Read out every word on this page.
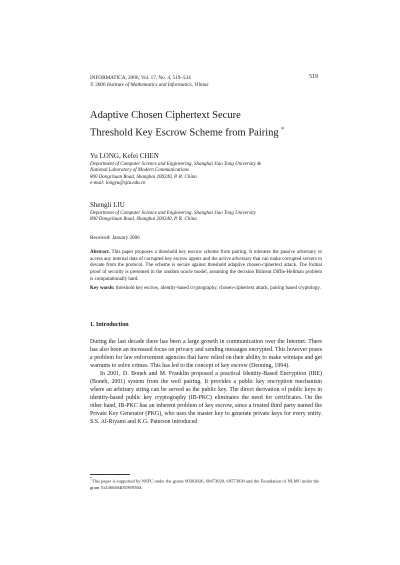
INFORMATICA, 2006, Vol. 17, No. 4, 519–534
© 2006 Institute of Mathematics and Informatics, Vilnius
519
Adaptive Chosen Ciphertext Secure
Threshold Key Escrow Scheme from Pairing *
Yu LONG, Kefei CHEN
Department of Computer Science and Engineering, Shanghai Jiao Tong University &
National Laboratory of Modern Communications
800 Dongchuan Road, Shanghai 200240, P. R. China
e-mail: longyu@sjtu.edu.cn
Shengli LIU
Department of Computer Science and Engineering, Shanghai Jiao Tong University
800 Dongchuan Road, Shanghai 200240, P. R. China
Received: January 2006

Abstract. This paper proposes a threshold key escrow scheme from pairing. It tolerates the passive adversary to access any internal data of corrupted key escrow agents and the active adversary that can make corrupted servers to deviate from the protocol. The scheme is secure against threshold adaptive chosen-ciphertext attack. The formal proof of security is presented in the random oracle model, assuming the decision Bilinear Diffie-Hellman problem is computationally hard.

Key words: threshold key escrow, identity-based cryptography, chosen-ciphertext attack, pairing based cryptology.

1. Introduction

During the last decade there has been a large growth in communication over the Internet. There has also been an increased focus on privacy and sending messages encrypted. This however poses a problem for law enforcement agencies that have relied on their ability to make wiretaps and get warrants to solve crimes. This has led to the concept of key escrow (Denning, 1994).

In 2001, D. Boneh and M. Franklin proposed a practical Identity-Based Encryption (IBE) (Boneh, 2001) system from the weil pairing. It provides a public key encryption mechanism where an arbitrary string can be served as the public key. The direct derivation of public keys in identity-based public key cryptography (IB-PKC) eliminates the need for certificates. On the other hand, IB-PKC has an inherent problem of key escrow, since a trusted third party named the Private Key Generator (PKG), who uses the master key to generate private keys for every entity. S.S. Al-Riyami and K.G. Paterson introduced

*This paper is supported by NSFC under the grants 60303026, 60473020, 60573030 and the Foundation of NLMC under the grant 51436040405JW0304.
